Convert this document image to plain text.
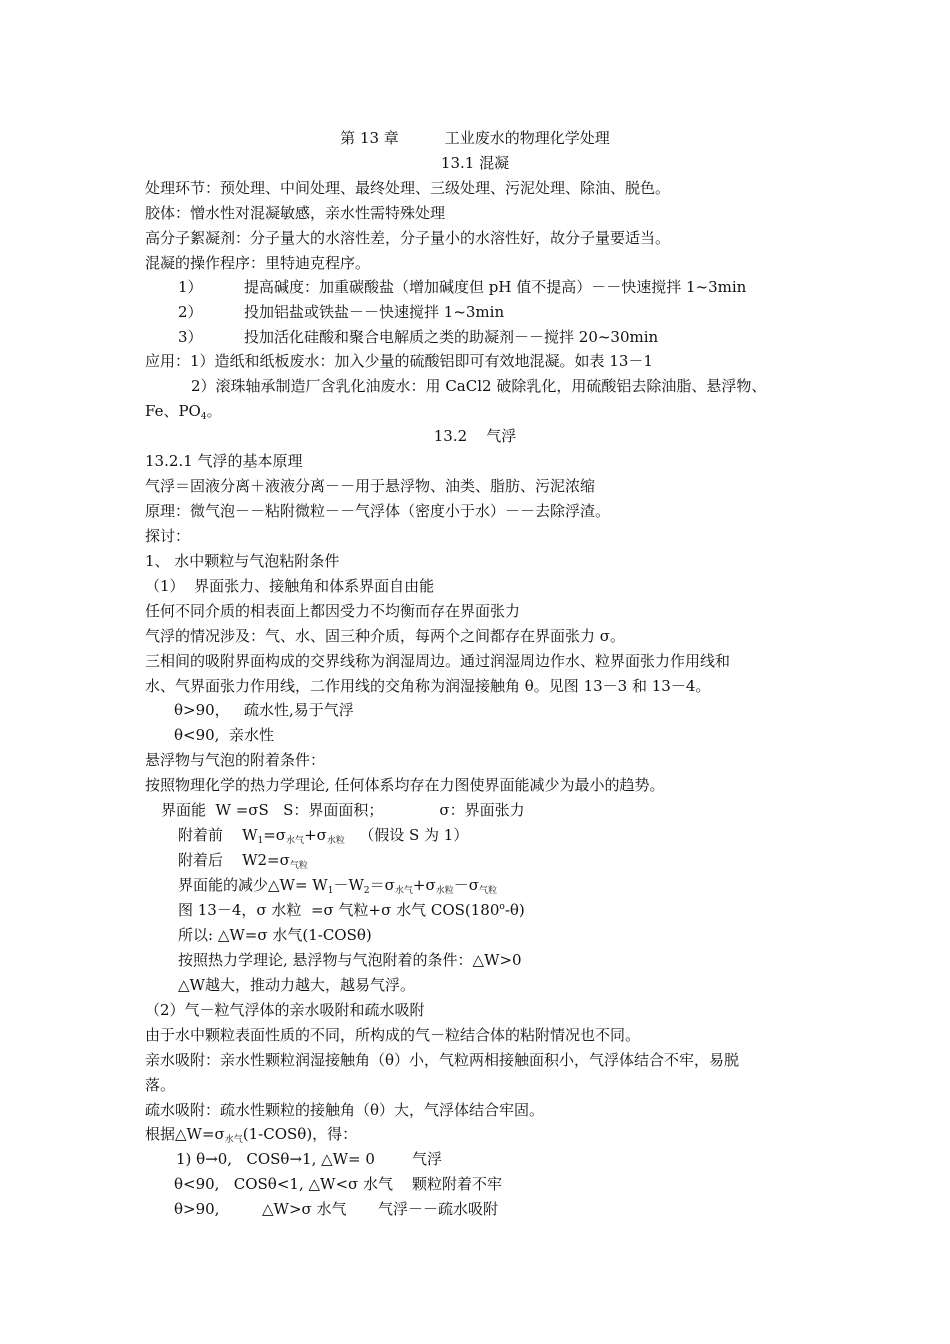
第 13 章	工业废水的物理化学处理
13.1 混凝
处理环节：预处理、中间处理、最终处理、三级处理、污泥处理、除油、脱色。
胶体：憎水性对混凝敏感，亲水性需特殊处理
高分子絮凝剂：分子量大的水溶性差，分子量小的水溶性好，故分子量要适当。
混凝的操作程序：里特迪克程序。
1）	提高碱度：加重碳酸盐（增加碱度但 pH 值不提高）－－快速搅拌 1~3min
2）	投加铝盐或铁盐－－快速搅拌 1~3min
3）	投加活化硅酸和聚合电解质之类的助凝剂－－搅拌 20~30min
应用：1）造纸和纸板废水：加入少量的硫酸铝即可有效地混凝。如表 13－1
2）滚珠轴承制造厂含乳化油废水：用 CaCl2 破除乳化，用硫酸铝去除油脂、悬浮物、
Fe、$PO_4$。
13.2    气浮
13.2.1 气浮的基本原理
气浮＝固液分离＋液液分离－－用于悬浮物、油类、脂肪、污泥浓缩
原理：微气泡－－粘附微粒－－气浮体（密度小于水）－－去除浮渣。
探讨：
1、 水中颗粒与气泡粘附条件
（1）  界面张力、接触角和体系界面自由能
任何不同介质的相表面上都因受力不均衡而存在界面张力
气浮的情况涉及：气、水、固三种介质，每两个之间都存在界面张力 σ。
三相间的吸附界面构成的交界线称为润湿周边。通过润湿周边作水、粒界面张力作用线和
水、气界面张力作用线，二作用线的交角称为润湿接触角 θ。见图 13－3 和 13－4。
θ>90，   疏水性,易于气浮
θ<90,  亲水性
悬浮物与气泡的附着条件：
按照物理化学的热力学理论, 任何体系均存在力图使界面能减少为最小的趋势。
界面能  W =σS   S：界面面积；	σ：界面张力
附着前    $W_1=\sigma_{水气}+\sigma_{水粒}$   （假设 S 为 1）
附着后    $W2=\sigma_{气粒}$
界面能的减少△W= $W_1-W_2=\sigma_{水气}+\sigma_{水粒}-\sigma_{气粒}$
图 13－4，σ 水粒  =σ 气粒+σ 水气 COS(180$^o$-θ)
所以: △W=σ 水气(1-COSθ)
按照热力学理论, 悬浮物与气泡附着的条件：△W>0
△W越大，推动力越大，越易气浮。
（2）气－粒气浮体的亲水吸附和疏水吸附
由于水中颗粒表面性质的不同，所构成的气－粒结合体的粘附情况也不同。
亲水吸附：亲水性颗粒润湿接触角（θ）小，气粒两相接触面积小，气浮体结合不牢，易脱
落。
疏水吸附：疏水性颗粒的接触角（θ）大，气浮体结合牢固。
根据$\triangle W=\sigma_{水气}(1-COS\theta)$，得：
1) θ→0,   COSθ→1, △W= 0 气浮
θ<90,   COSθ<1, △W<σ 水气 颗粒附着不牢
θ>90,	△W>σ 水气 气浮－－疏水吸附
